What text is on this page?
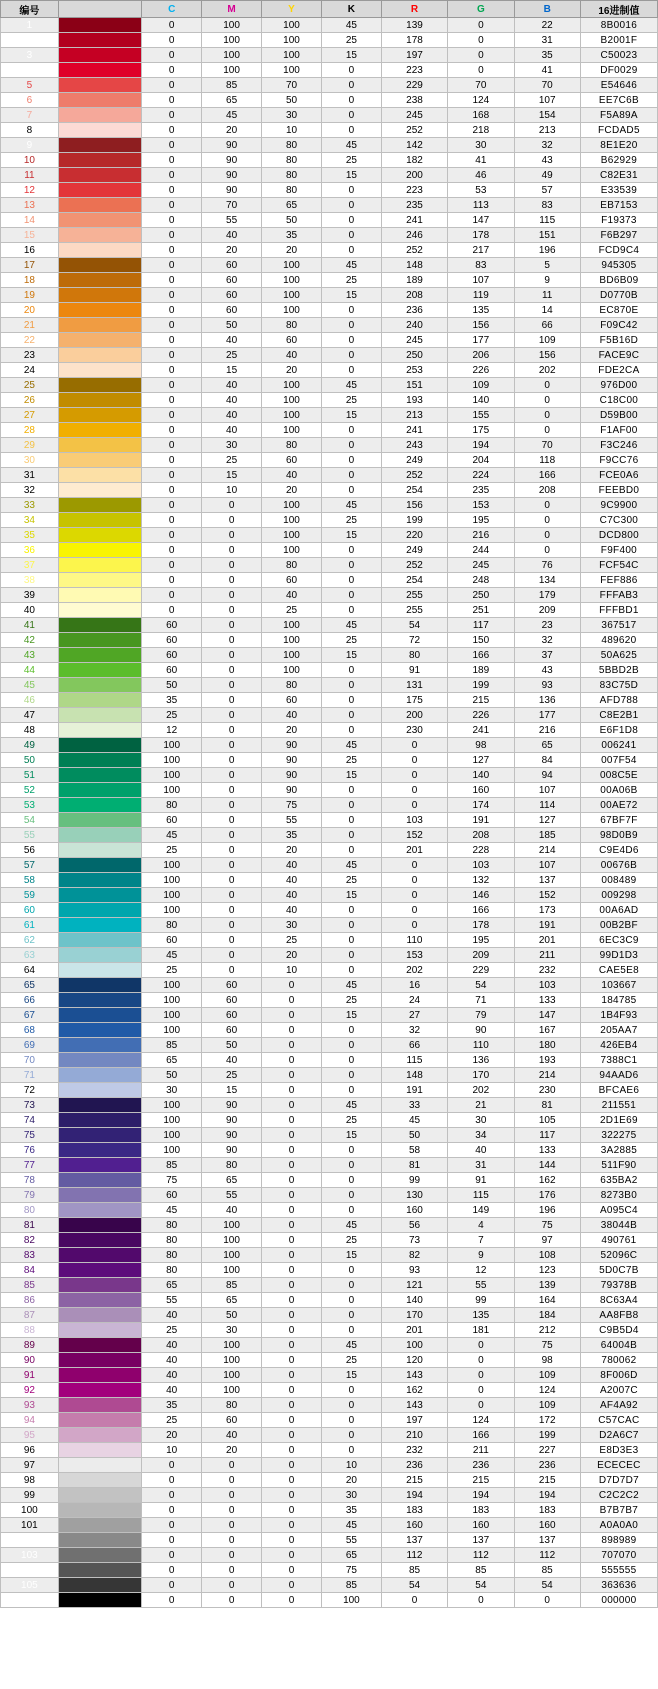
编号		C	M	Y	K	R	G	B	16进制值
1		0	100	100	45	139	0	22	8B0016
2		0	100	100	25	178	0	31	B2001F
3		0	100	100	15	197	0	35	C50023
4		0	100	100	0	223	0	41	DF0029
5		0	85	70	0	229	70	70	E54646
6		0	65	50	0	238	124	107	EE7C6B
7		0	45	30	0	245	168	154	F5A89A
8		0	20	10	0	252	218	213	FCDAD5
9		0	90	80	45	142	30	32	8E1E20
10		0	90	80	25	182	41	43	B62929
11		0	90	80	15	200	46	49	C82E31
12		0	90	80	0	223	53	57	E33539
13		0	70	65	0	235	113	83	EB7153
14		0	55	50	0	241	147	115	F19373
15		0	40	35	0	246	178	151	F6B297
16		0	20	20	0	252	217	196	FCD9C4
17		0	60	100	45	148	83	5	945305
18		0	60	100	25	189	107	9	BD6B09
19		0	60	100	15	208	119	11	D0770B
20		0	60	100	0	236	135	14	EC870E
21		0	50	80	0	240	156	66	F09C42
22		0	40	60	0	245	177	109	F5B16D
23		0	25	40	0	250	206	156	FACE9C
24		0	15	20	0	253	226	202	FDE2CA
25		0	40	100	45	151	109	0	976D00
26		0	40	100	25	193	140	0	C18C00
27		0	40	100	15	213	155	0	D59B00
28		0	40	100	0	241	175	0	F1AF00
29		0	30	80	0	243	194	70	F3C246
30		0	25	60	0	249	204	118	F9CC76
31		0	15	40	0	252	224	166	FCE0A6
32		0	10	20	0	254	235	208	FEEBD0
33		0	0	100	45	156	153	0	9C9900
34		0	0	100	25	199	195	0	C7C300
35		0	0	100	15	220	216	0	DCD800
36		0	0	100	0	249	244	0	F9F400
37		0	0	80	0	252	245	76	FCF54C
38		0	0	60	0	254	248	134	FEF886
39		0	0	40	0	255	250	179	FFFAB3
40		0	0	25	0	255	251	209	FFFBD1
41		60	0	100	45	54	117	23	367517
42		60	0	100	25	72	150	32	489620
43		60	0	100	15	80	166	37	50A625
44		60	0	100	0	91	189	43	5BBD2B
45		50	0	80	0	131	199	93	83C75D
46		35	0	60	0	175	215	136	AFD788
47		25	0	40	0	200	226	177	C8E2B1
48		12	0	20	0	230	241	216	E6F1D8
49		100	0	90	45	0	98	65	006241
50		100	0	90	25	0	127	84	007F54
51		100	0	90	15	0	140	94	008C5E
52		100	0	90	0	0	160	107	00A06B
53		80	0	75	0	0	174	114	00AE72
54		60	0	55	0	103	191	127	67BF7F
55		45	0	35	0	152	208	185	98D0B9
56		25	0	20	0	201	228	214	C9E4D6
57		100	0	40	45	0	103	107	00676B
58		100	0	40	25	0	132	137	008489
59		100	0	40	15	0	146	152	009298
60		100	0	40	0	0	166	173	00A6AD
61		80	0	30	0	0	178	191	00B2BF
62		60	0	25	0	110	195	201	6EC3C9
63		45	0	20	0	153	209	211	99D1D3
64		25	0	10	0	202	229	232	CAE5E8
65		100	60	0	45	16	54	103	103667
66		100	60	0	25	24	71	133	184785
67		100	60	0	15	27	79	147	1B4F93
68		100	60	0	0	32	90	167	205AA7
69		85	50	0	0	66	110	180	426EB4
70		65	40	0	0	115	136	193	7388C1
71		50	25	0	0	148	170	214	94AAD6
72		30	15	0	0	191	202	230	BFCAE6
73		100	90	0	45	33	21	81	211551
74		100	90	0	25	45	30	105	2D1E69
75		100	90	0	15	50	34	117	322275
76		100	90	0	0	58	40	133	3A2885
77		85	80	0	0	81	31	144	511F90
78		75	65	0	0	99	91	162	635BA2
79		60	55	0	0	130	115	176	8273B0
80		45	40	0	0	160	149	196	A095C4
81		80	100	0	45	56	4	75	38044B
82		80	100	0	25	73	7	97	490761
83		80	100	0	15	82	9	108	52096C
84		80	100	0	0	93	12	123	5D0C7B
85		65	85	0	0	121	55	139	79378B
86		55	65	0	0	140	99	164	8C63A4
87		40	50	0	0	170	135	184	AA8FB8
88		25	30	0	0	201	181	212	C9B5D4
89		40	100	0	45	100	0	75	64004B
90		40	100	0	25	120	0	98	780062
91		40	100	0	15	143	0	109	8F006D
92		40	100	0	0	162	0	124	A2007C
93		35	80	0	0	143	0	109	AF4A92
94		25	60	0	0	197	124	172	C57CAC
95		20	40	0	0	210	166	199	D2A6C7
96		10	20	0	0	232	211	227	E8D3E3
97		0	0	0	10	236	236	236	ECECEC
98		0	0	0	20	215	215	215	D7D7D7
99		0	0	0	30	194	194	194	C2C2C2
100		0	0	0	35	183	183	183	B7B7B7
101		0	0	0	45	160	160	160	A0A0A0
102		0	0	0	55	137	137	137	898989
103		0	0	0	65	112	112	112	707070
104		0	0	0	75	85	85	85	555555
105		0	0	0	85	54	54	54	363636
106		0	0	0	100	0	0	0	000000
